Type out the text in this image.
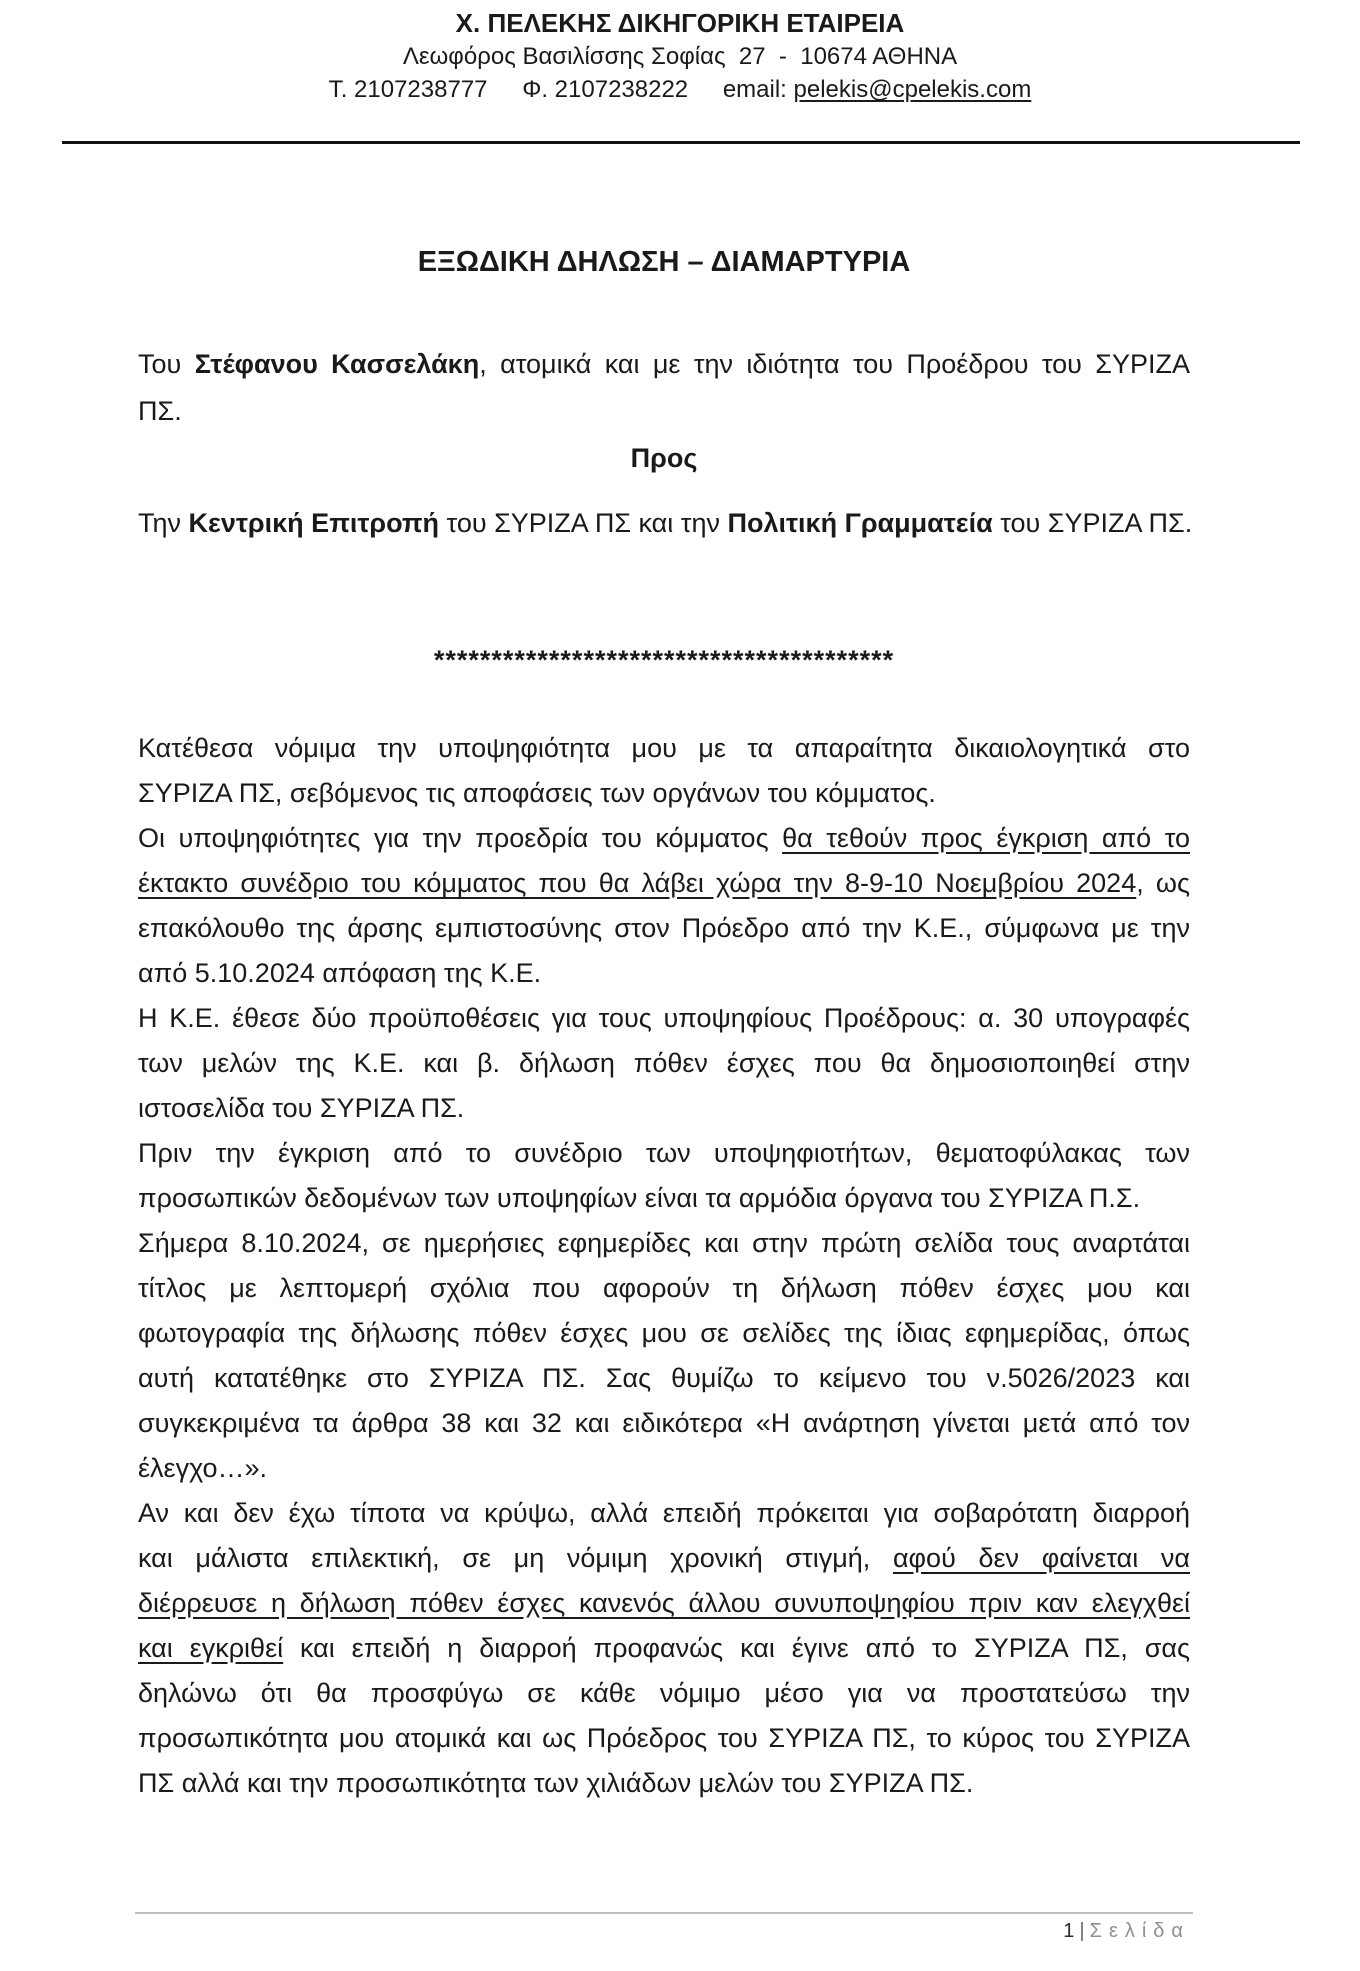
Χ. ΠΕΛΕΚΗΣ ΔΙΚΗΓΟΡΙΚΗ ΕΤΑΙΡΕΙΑ
Λεωφόρος Βασιλίσσης Σοφίας  27  -  10674 ΑΘΗΝΑ
Τ. 2107238777 Φ. 2107238222 email: pelekis@cpelekis.com
ΕΞΩΔΙΚΗ ΔΗΛΩΣΗ – ΔΙΑΜΑΡΤΥΡΙΑ
Του Στέφανου Κασσελάκη, ατομικά και με την ιδιότητα του Προέδρου του ΣΥΡΙΖΑ
ΠΣ.
Προς
Την Κεντρική Επιτροπή του ΣΥΡΙΖΑ ΠΣ και την Πολιτική Γραμματεία του ΣΥΡΙΖΑ ΠΣ.
****************************************
Κατέθεσα νόμιμα την υποψηφιότητα μου με τα απαραίτητα δικαιολογητικά στο
ΣΥΡΙΖΑ ΠΣ, σεβόμενος τις αποφάσεις των οργάνων του κόμματος.
Οι υποψηφιότητες για την προεδρία του κόμματος θα τεθούν προς έγκριση από το
έκτακτο συνέδριο του κόμματος που θα λάβει χώρα την 8-9-10 Νοεμβρίου 2024, ως
επακόλουθο της άρσης εμπιστοσύνης στον Πρόεδρο από την Κ.Ε., σύμφωνα με την
από 5.10.2024 απόφαση της Κ.Ε.
Η Κ.Ε. έθεσε δύο προϋποθέσεις για τους υποψηφίους Προέδρους: α. 30 υπογραφές
των μελών της Κ.Ε. και β. δήλωση πόθεν έσχες που θα δημοσιοποιηθεί στην
ιστοσελίδα του ΣΥΡΙΖΑ ΠΣ.
Πριν την έγκριση από το συνέδριο των υποψηφιοτήτων, θεματοφύλακας των
προσωπικών δεδομένων των υποψηφίων είναι τα αρμόδια όργανα του ΣΥΡΙΖΑ Π.Σ.
Σήμερα 8.10.2024, σε ημερήσιες εφημερίδες και στην πρώτη σελίδα τους αναρτάται
τίτλος με λεπτομερή σχόλια που αφορούν τη δήλωση πόθεν έσχες μου και
φωτογραφία της δήλωσης πόθεν έσχες μου σε σελίδες της ίδιας εφημερίδας, όπως
αυτή κατατέθηκε στο ΣΥΡΙΖΑ ΠΣ. Σας θυμίζω το κείμενο του ν.5026/2023 και
συγκεκριμένα τα άρθρα 38 και 32 και ειδικότερα «Η ανάρτηση γίνεται μετά από τον
έλεγχο…».
Αν και δεν έχω τίποτα να κρύψω, αλλά επειδή πρόκειται για σοβαρότατη διαρροή
και μάλιστα επιλεκτική, σε μη νόμιμη χρονική στιγμή, αφού δεν φαίνεται να
διέρρευσε η δήλωση πόθεν έσχες κανενός άλλου συνυποψηφίου πριν καν ελεγχθεί
και εγκριθεί και επειδή η διαρροή προφανώς και έγινε από το ΣΥΡΙΖΑ ΠΣ, σας
δηλώνω ότι θα προσφύγω σε κάθε νόμιμο μέσο για να προστατεύσω την
προσωπικότητα μου ατομικά και ως Πρόεδρος του ΣΥΡΙΖΑ ΠΣ, το κύρος του ΣΥΡΙΖΑ
ΠΣ αλλά και την προσωπικότητα των χιλιάδων μελών του ΣΥΡΙΖΑ ΠΣ.
1 | Σελίδα
